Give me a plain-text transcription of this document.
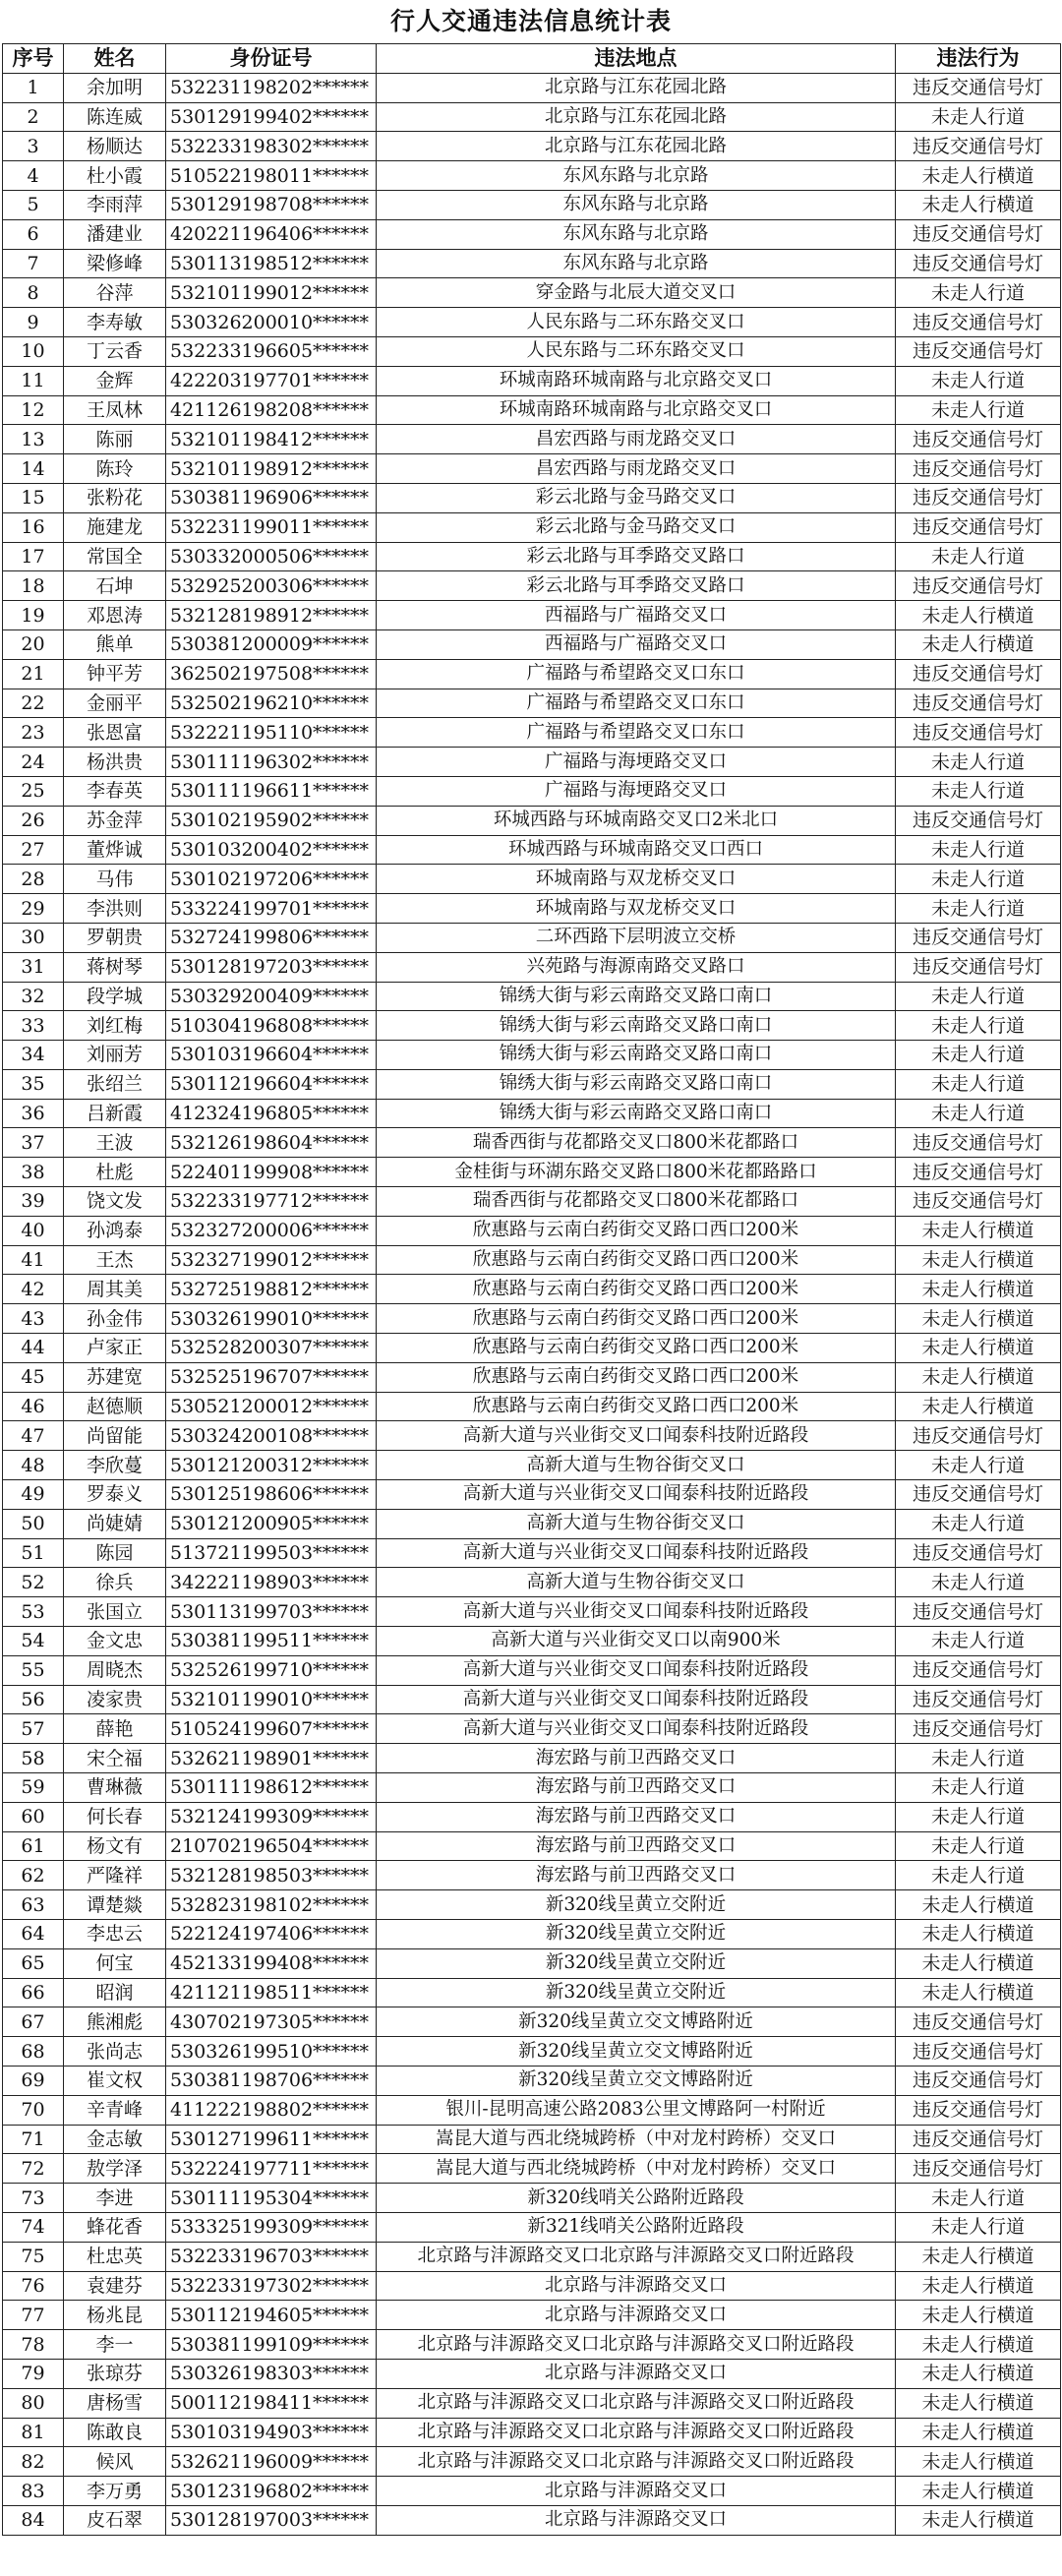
行人交通违法信息统计表
序号	姓名	身份证号	违法地点	违法行为
1	余加明	532231198202******	北京路与江东花园北路	违反交通信号灯
2	陈连威	530129199402******	北京路与江东花园北路	未走人行道
3	杨顺达	532233198302******	北京路与江东花园北路	违反交通信号灯
4	杜小霞	510522198011******	东风东路与北京路	未走人行横道
5	李雨萍	530129198708******	东风东路与北京路	未走人行横道
6	潘建业	420221196406******	东风东路与北京路	违反交通信号灯
7	梁修峰	530113198512******	东风东路与北京路	违反交通信号灯
8	谷萍	532101199012******	穿金路与北辰大道交叉口	未走人行道
9	李寿敏	530326200010******	人民东路与二环东路交叉口	违反交通信号灯
10	丁云香	532233196605******	人民东路与二环东路交叉口	违反交通信号灯
11	金辉	422203197701******	环城南路环城南路与北京路交叉口	未走人行道
12	王凤林	421126198208******	环城南路环城南路与北京路交叉口	未走人行道
13	陈丽	532101198412******	昌宏西路与雨龙路交叉口	违反交通信号灯
14	陈玲	532101198912******	昌宏西路与雨龙路交叉口	违反交通信号灯
15	张粉花	530381196906******	彩云北路与金马路交叉口	违反交通信号灯
16	施建龙	532231199011******	彩云北路与金马路交叉口	违反交通信号灯
17	常国全	530332000506******	彩云北路与耳季路交叉路口	未走人行道
18	石坤	532925200306******	彩云北路与耳季路交叉路口	违反交通信号灯
19	邓恩涛	532128198912******	西福路与广福路交叉口	未走人行横道
20	熊单	530381200009******	西福路与广福路交叉口	未走人行横道
21	钟平芳	362502197508******	广福路与希望路交叉口东口	违反交通信号灯
22	金丽平	532502196210******	广福路与希望路交叉口东口	违反交通信号灯
23	张恩富	532221195110******	广福路与希望路交叉口东口	违反交通信号灯
24	杨洪贵	530111196302******	广福路与海埂路交叉口	未走人行道
25	李春英	530111196611******	广福路与海埂路交叉口	未走人行道
26	苏金萍	530102195902******	环城西路与环城南路交叉口2米北口	违反交通信号灯
27	董烨诚	530103200402******	环城西路与环城南路交叉口西口	未走人行道
28	马伟	530102197206******	环城南路与双龙桥交叉口	未走人行道
29	李洪则	533224199701******	环城南路与双龙桥交叉口	未走人行道
30	罗朝贵	532724199806******	二环西路下层明波立交桥	违反交通信号灯
31	蒋树琴	530128197203******	兴苑路与海源南路交叉路口	违反交通信号灯
32	段学城	530329200409******	锦绣大街与彩云南路交叉路口南口	未走人行道
33	刘红梅	510304196808******	锦绣大街与彩云南路交叉路口南口	未走人行道
34	刘丽芳	530103196604******	锦绣大街与彩云南路交叉路口南口	未走人行道
35	张绍兰	530112196604******	锦绣大街与彩云南路交叉路口南口	未走人行道
36	吕新霞	412324196805******	锦绣大街与彩云南路交叉路口南口	未走人行道
37	王波	532126198604******	瑞香西街与花都路交叉口800米花都路口	违反交通信号灯
38	杜彪	522401199908******	金桂街与环湖东路交叉路口800米花都路路口	违反交通信号灯
39	饶文发	532233197712******	瑞香西街与花都路交叉口800米花都路口	违反交通信号灯
40	孙鸿泰	532327200006******	欣惠路与云南白药街交叉路口西口200米	未走人行横道
41	王杰	532327199012******	欣惠路与云南白药街交叉路口西口200米	未走人行横道
42	周其美	532725198812******	欣惠路与云南白药街交叉路口西口200米	未走人行横道
43	孙金伟	530326199010******	欣惠路与云南白药街交叉路口西口200米	未走人行横道
44	卢家正	532528200307******	欣惠路与云南白药街交叉路口西口200米	未走人行横道
45	苏建宽	532525196707******	欣惠路与云南白药街交叉路口西口200米	未走人行横道
46	赵德顺	530521200012******	欣惠路与云南白药街交叉路口西口200米	未走人行横道
47	尚留能	530324200108******	高新大道与兴业街交叉口闻泰科技附近路段	违反交通信号灯
48	李欣蔓	530121200312******	高新大道与生物谷街交叉口	未走人行道
49	罗泰义	530125198606******	高新大道与兴业街交叉口闻泰科技附近路段	违反交通信号灯
50	尚婕婧	530121200905******	高新大道与生物谷街交叉口	未走人行道
51	陈园	513721199503******	高新大道与兴业街交叉口闻泰科技附近路段	违反交通信号灯
52	徐兵	342221198903******	高新大道与生物谷街交叉口	未走人行道
53	张国立	530113199703******	高新大道与兴业街交叉口闻泰科技附近路段	违反交通信号灯
54	金文忠	530381199511******	高新大道与兴业街交叉口以南900米	未走人行道
55	周晓杰	532526199710******	高新大道与兴业街交叉口闻泰科技附近路段	违反交通信号灯
56	凌家贵	532101199010******	高新大道与兴业街交叉口闻泰科技附近路段	违反交通信号灯
57	薛艳	510524199607******	高新大道与兴业街交叉口闻泰科技附近路段	违反交通信号灯
58	宋仝福	532621198901******	海宏路与前卫西路交叉口	未走人行道
59	曹琳薇	530111198612******	海宏路与前卫西路交叉口	未走人行道
60	何长春	532124199309******	海宏路与前卫西路交叉口	未走人行道
61	杨文有	210702196504******	海宏路与前卫西路交叉口	未走人行道
62	严隆祥	532128198503******	海宏路与前卫西路交叉口	未走人行道
63	谭楚燚	532823198102******	新320线呈黄立交附近	未走人行横道
64	李忠云	522124197406******	新320线呈黄立交附近	未走人行横道
65	何宝	452133199408******	新320线呈黄立交附近	未走人行横道
66	昭润	421121198511******	新320线呈黄立交附近	未走人行横道
67	熊湘彪	430702197305******	新320线呈黄立交文博路附近	违反交通信号灯
68	张尚志	530326199510******	新320线呈黄立交文博路附近	违反交通信号灯
69	崔文权	530381198706******	新320线呈黄立交文博路附近	违反交通信号灯
70	辛青峰	411222198802******	银川-昆明高速公路2083公里文博路阿一村附近	违反交通信号灯
71	金志敏	530127199611******	嵩昆大道与西北绕城跨桥（中对龙村跨桥）交叉口	违反交通信号灯
72	敖学泽	532224197711******	嵩昆大道与西北绕城跨桥（中对龙村跨桥）交叉口	违反交通信号灯
73	李进	530111195304******	新320线哨关公路附近路段	未走人行道
74	蜂花香	533325199309******	新321线哨关公路附近路段	未走人行道
75	杜忠英	532233196703******	北京路与沣源路交叉口北京路与沣源路交叉口附近路段	未走人行横道
76	袁建芬	532233197302******	北京路与沣源路交叉口	未走人行横道
77	杨兆昆	530112194605******	北京路与沣源路交叉口	未走人行横道
78	李一	530381199109******	北京路与沣源路交叉口北京路与沣源路交叉口附近路段	未走人行横道
79	张琼芬	530326198303******	北京路与沣源路交叉口	未走人行横道
80	唐杨雪	500112198411******	北京路与沣源路交叉口北京路与沣源路交叉口附近路段	未走人行横道
81	陈敢良	530103194903******	北京路与沣源路交叉口北京路与沣源路交叉口附近路段	未走人行横道
82	候风	532621196009******	北京路与沣源路交叉口北京路与沣源路交叉口附近路段	未走人行横道
83	李万勇	530123196802******	北京路与沣源路交叉口	未走人行横道
84	皮石翠	530128197003******	北京路与沣源路交叉口	未走人行横道
